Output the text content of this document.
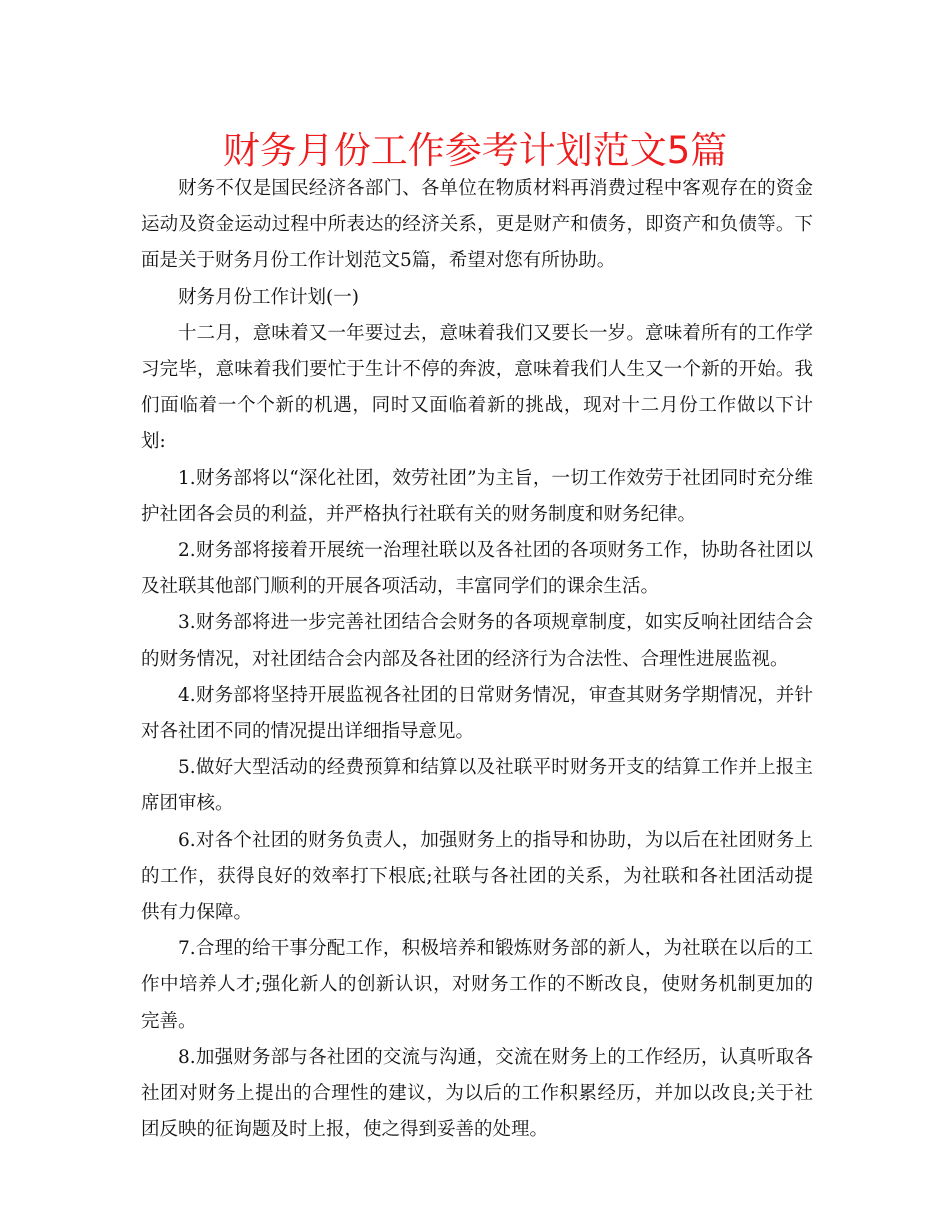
财务月份工作参考计划范文5篇

财务不仅是国民经济各部门、各单位在物质材料再消费过程中客观存在的资金运动及资金运动过程中所表达的经济关系，更是财产和债务，即资产和负债等。下面是关于财务月份工作计划范文5篇，希望对您有所协助。

财务月份工作计划(一)

十二月，意味着又一年要过去，意味着我们又要长一岁。意味着所有的工作学习完毕，意味着我们要忙于生计不停的奔波，意味着我们人生又一个新的开始。我们面临着一个个新的机遇，同时又面临着新的挑战，现对十二月份工作做以下计划:

1.财务部将以“深化社团，效劳社团”为主旨，一切工作效劳于社团同时充分维护社团各会员的利益，并严格执行社联有关的财务制度和财务纪律。

2.财务部将接着开展统一治理社联以及各社团的各项财务工作，协助各社团以及社联其他部门顺利的开展各项活动，丰富同学们的课余生活。

3.财务部将进一步完善社团结合会财务的各项规章制度，如实反响社团结合会的财务情况，对社团结合会内部及各社团的经济行为合法性、合理性进展监视。

4.财务部将坚持开展监视各社团的日常财务情况，审查其财务学期情况，并针对各社团不同的情况提出详细指导意见。

5.做好大型活动的经费预算和结算以及社联平时财务开支的结算工作并上报主席团审核。

6.对各个社团的财务负责人，加强财务上的指导和协助，为以后在社团财务上的工作，获得良好的效率打下根底;社联与各社团的关系，为社联和各社团活动提供有力保障。

7.合理的给干事分配工作，积极培养和锻炼财务部的新人，为社联在以后的工作中培养人才;强化新人的创新认识，对财务工作的不断改良，使财务机制更加的完善。

8.加强财务部与各社团的交流与沟通，交流在财务上的工作经历，认真听取各社团对财务上提出的合理性的建议，为以后的工作积累经历，并加以改良;关于社团反映的征询题及时上报，使之得到妥善的处理。
